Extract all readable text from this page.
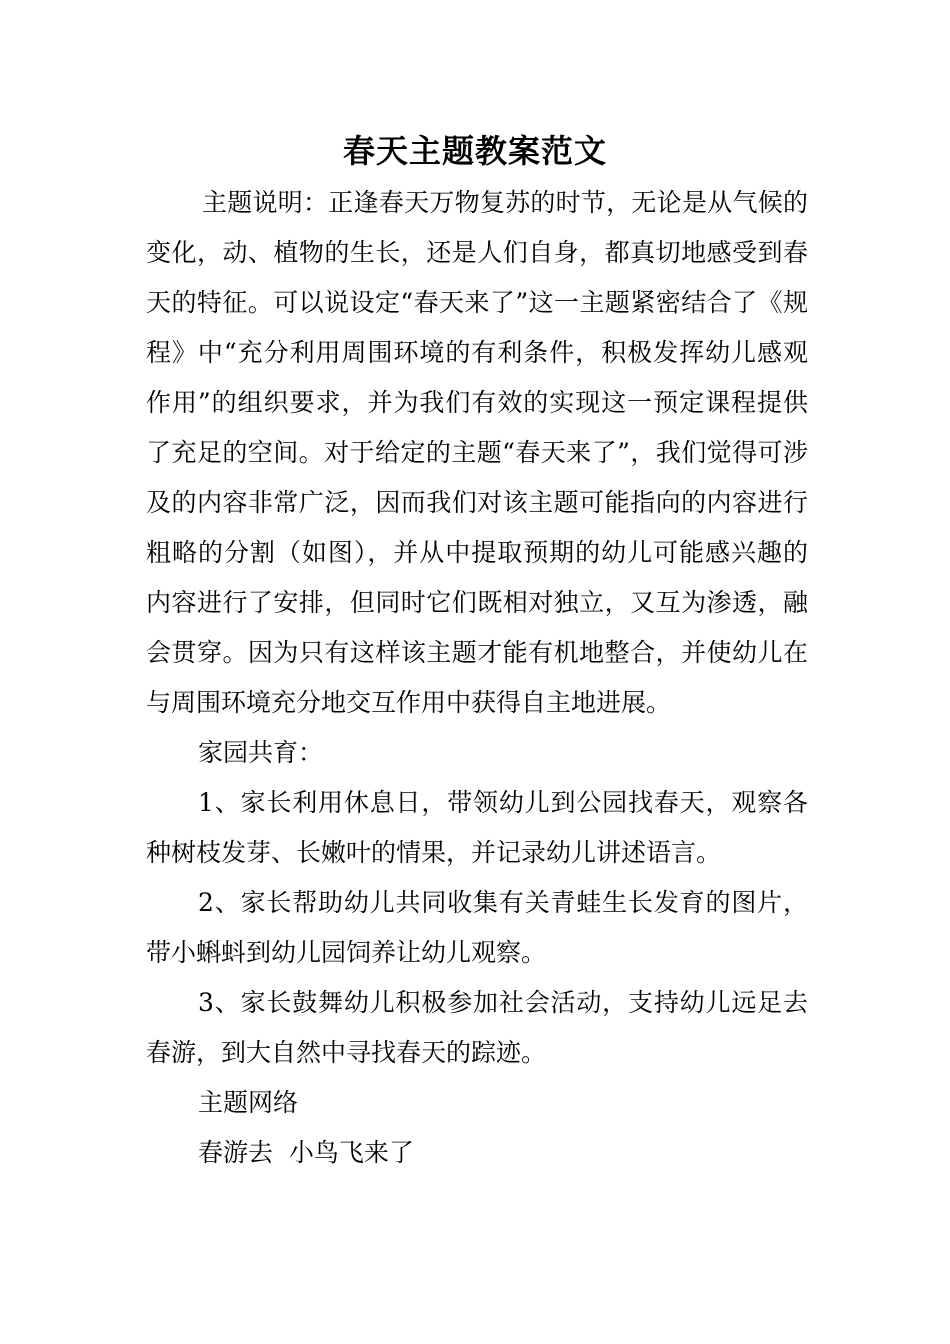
春天主题教案范文

主题说明：正逢春天万物复苏的时节，无论是从气候的变化，动、植物的生长，还是人们自身，都真切地感受到春天的特征。可以说设定“春天来了”这一主题紧密结合了《规程》中“充分利用周围环境的有利条件，积极发挥幼儿感观作用”的组织要求，并为我们有效的实现这一预定课程提供了充足的空间。对于给定的主题“春天来了”，我们觉得可涉及的内容非常广泛，因而我们对该主题可能指向的内容进行粗略的分割（如图），并从中提取预期的幼儿可能感兴趣的内容进行了安排，但同时它们既相对独立，又互为渗透，融会贯穿。因为只有这样该主题才能有机地整合，并使幼儿在与周围环境充分地交互作用中获得自主地进展。

家园共育：

1、家长利用休息日，带领幼儿到公园找春天，观察各种树枝发芽、长嫩叶的情果，并记录幼儿讲述语言。

2、家长帮助幼儿共同收集有关青蛙生长发育的图片，带小蝌蚪到幼儿园饲养让幼儿观察。

3、家长鼓舞幼儿积极参加社会活动，支持幼儿远足去春游，到大自然中寻找春天的踪迹。

主题网络

春游去  小鸟飞来了
